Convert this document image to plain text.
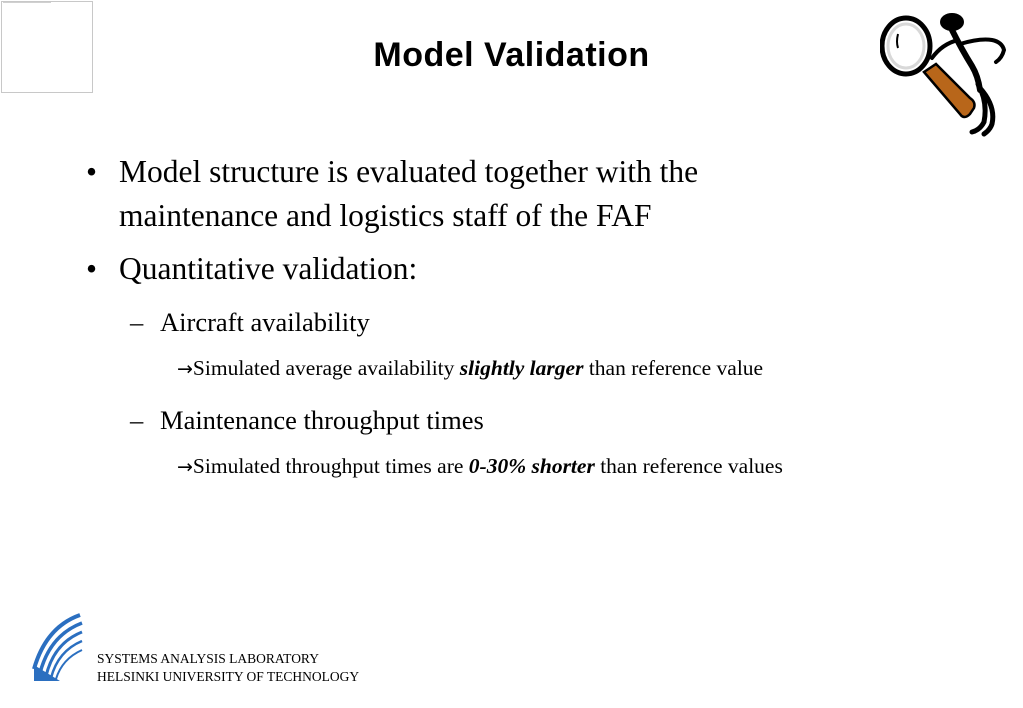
Model Validation
• Model structure is evaluated together with the
maintenance and logistics staff of the FAF
• Quantitative validation:
– Aircraft availability
→Simulated average availability slightly larger than reference value
– Maintenance throughput times
→Simulated throughput times are 0-30% shorter than reference values
SYSTEMS ANALYSIS LABORATORY
HELSINKI UNIVERSITY OF TECHNOLOGY
